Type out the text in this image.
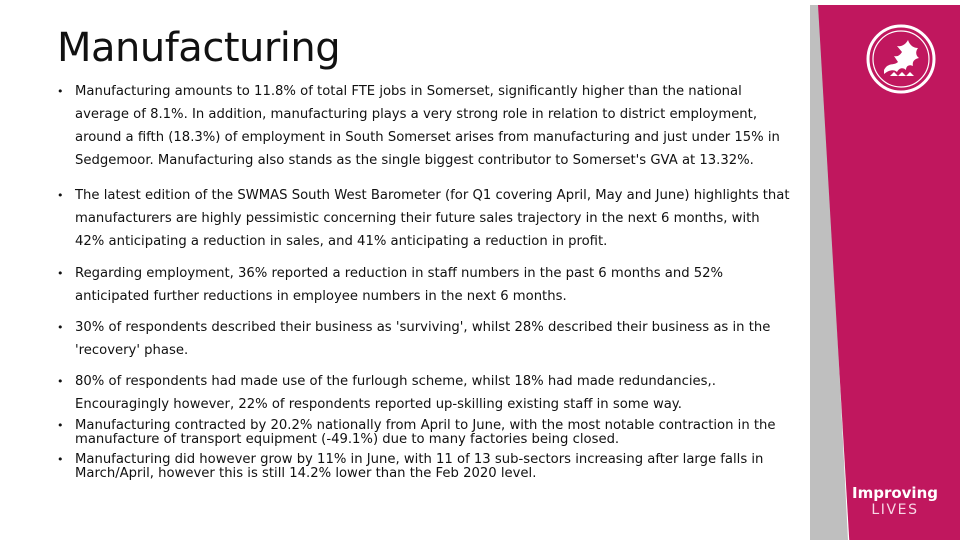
Manufacturing
• Manufacturing amounts to 11.8% of total FTE jobs in Somerset, significantly higher than the national average of 8.1%. In addition, manufacturing plays a very strong role in relation to district employment, around a fifth (18.3%) of employment in South Somerset arises from manufacturing and just under 15% in Sedgemoor. Manufacturing also stands as the single biggest contributor to Somerset's GVA at 13.32%.
• The latest edition of the SWMAS South West Barometer (for Q1 covering April, May and June) highlights that manufacturers are highly pessimistic concerning their future sales trajectory in the next 6 months, with 42% anticipating a reduction in sales, and 41% anticipating a reduction in profit.
• Regarding employment, 36% reported a reduction in staff numbers in the past 6 months and 52% anticipated further reductions in employee numbers in the next 6 months.
• 30% of respondents described their business as 'surviving', whilst 28% described their business as in the 'recovery' phase.
• 80% of respondents had made use of the furlough scheme, whilst 18% had made redundancies,. Encouragingly however, 22% of respondents reported up-skilling existing staff in some way.
• Manufacturing contracted by 20.2% nationally from April to June, with the most notable contraction in the manufacture of transport equipment (-49.1%) due to many factories being closed.
• Manufacturing did however grow by 11% in June, with 11 of 13 sub-sectors increasing after large falls in March/April, however this is still 14.2% lower than the Feb 2020 level.
Improving
LIVES
